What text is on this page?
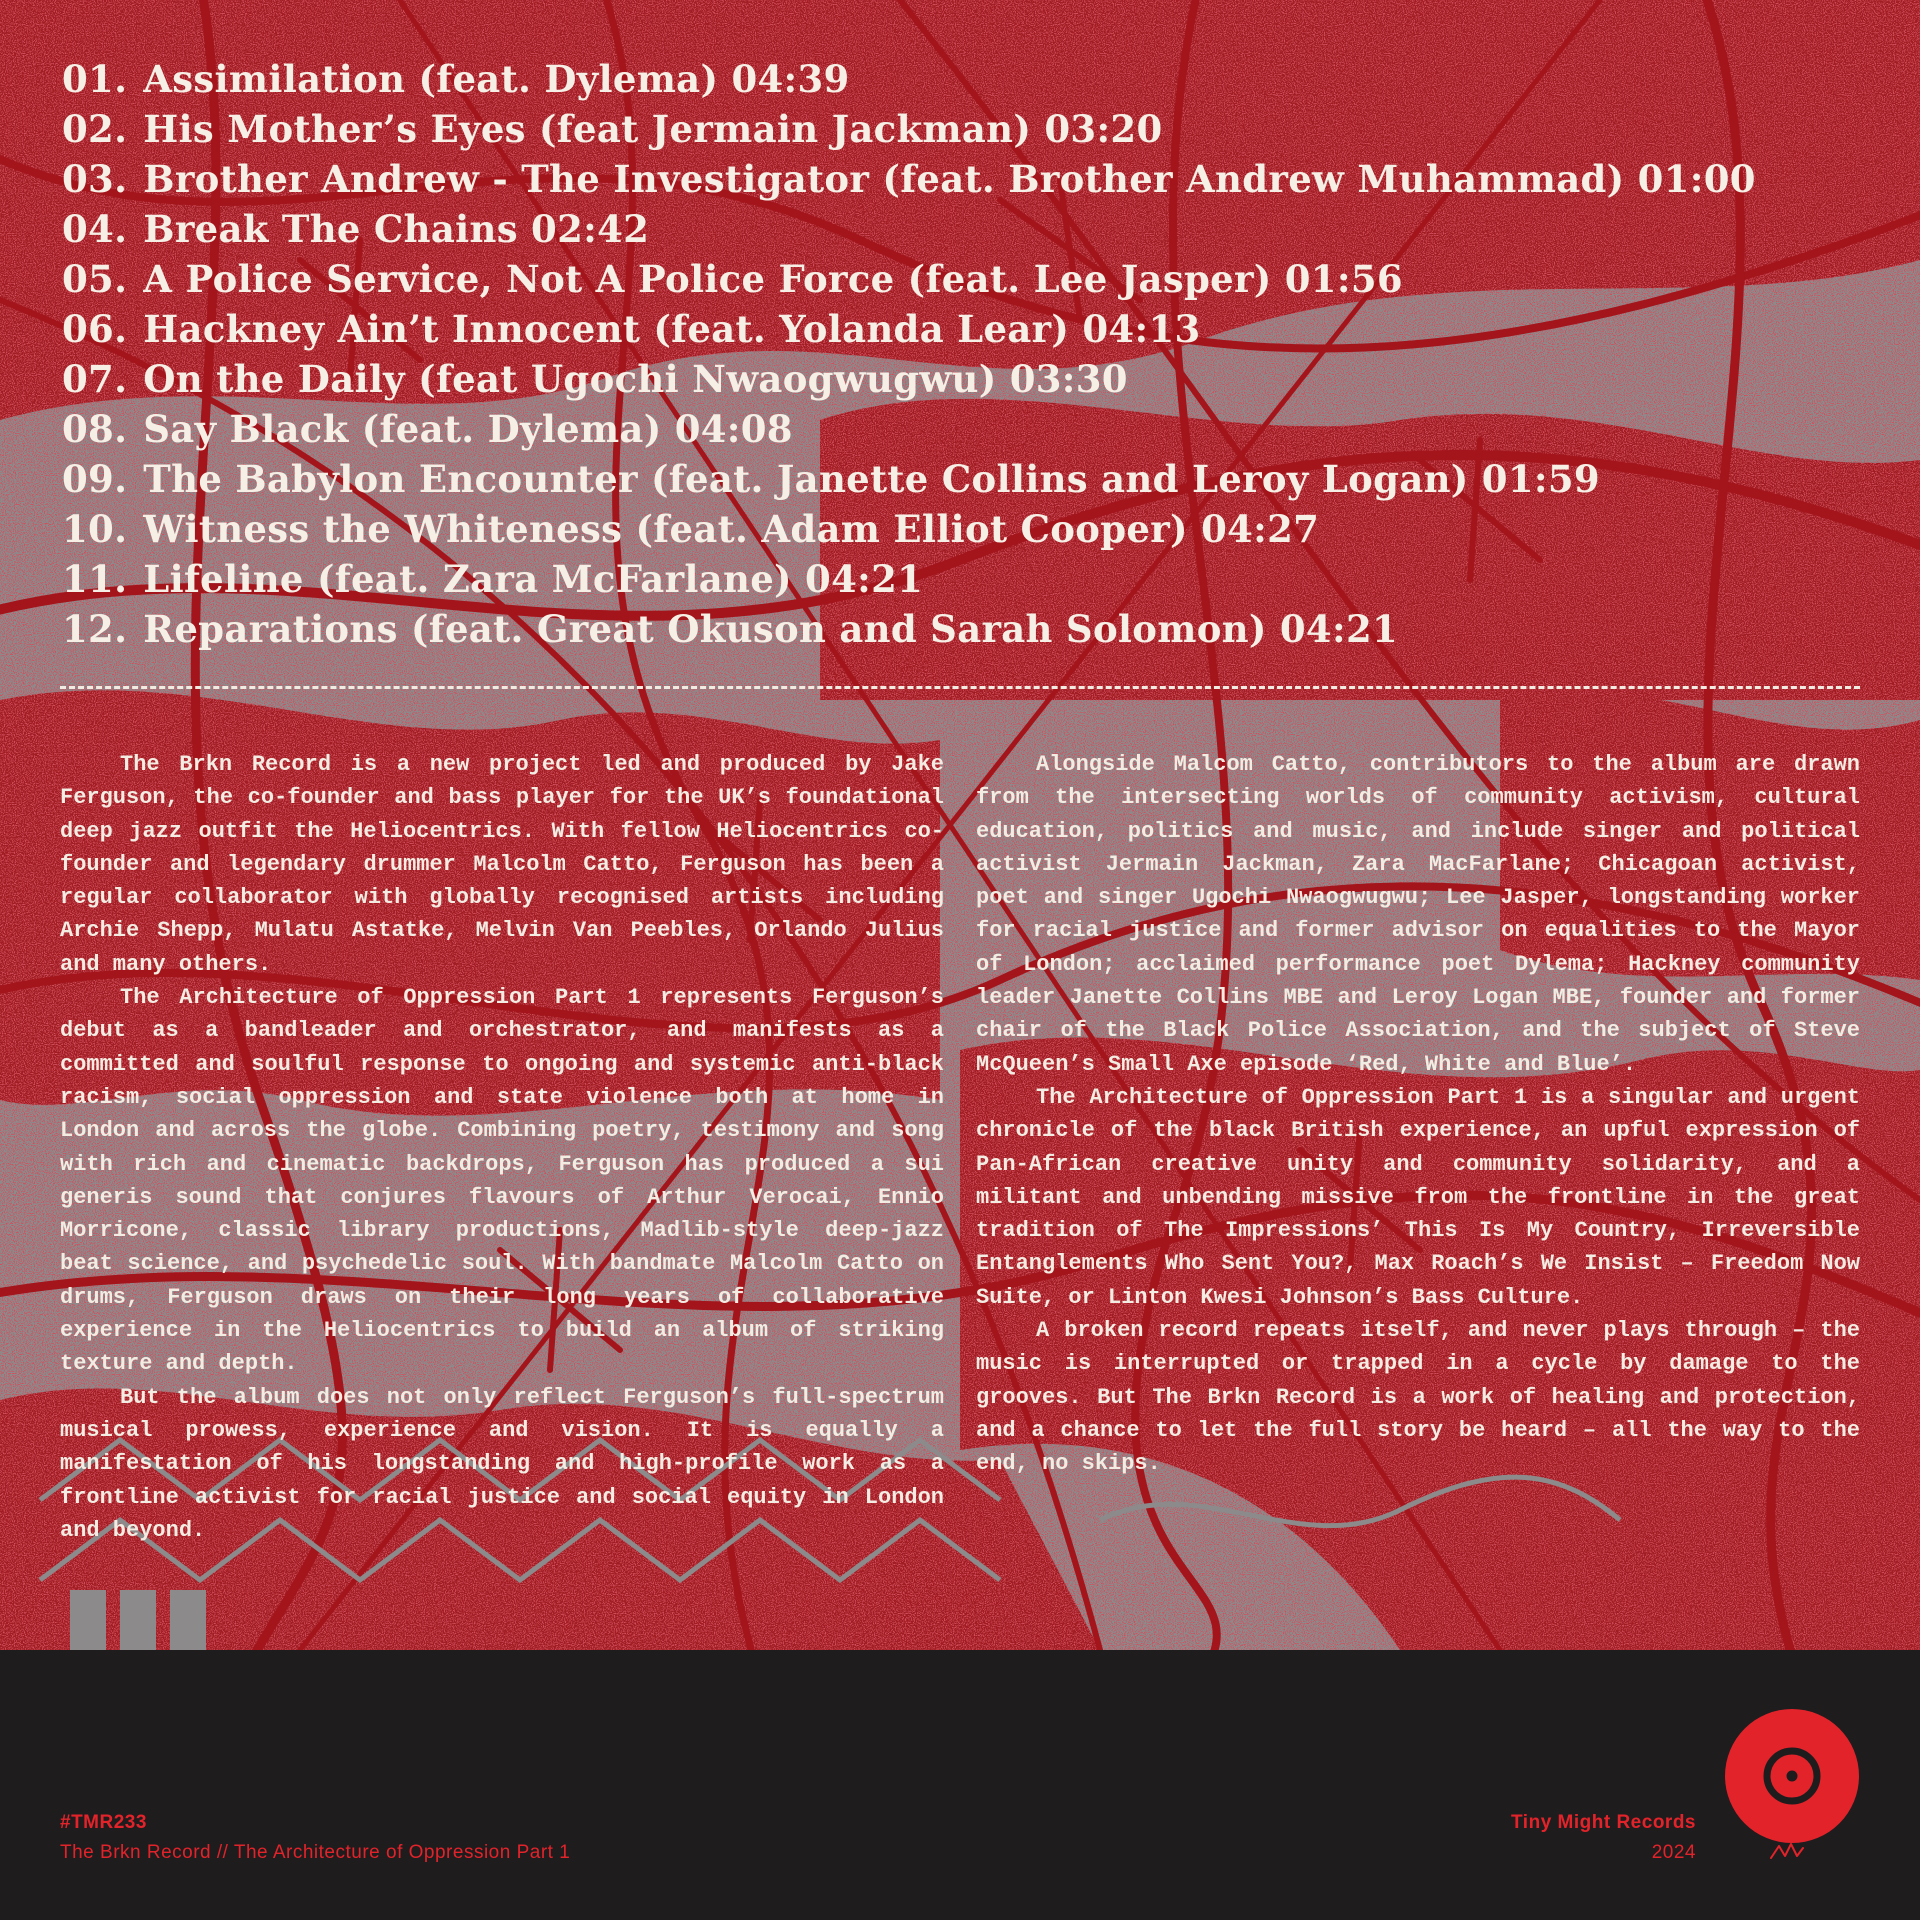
01. Assimilation (feat. Dylema) 04:39
02. His Mother’s Eyes (feat Jermain Jackman) 03:20
03. Brother Andrew - The Investigator (feat. Brother Andrew Muhammad) 01:00
04. Break The Chains 02:42
05. A Police Service, Not A Police Force (feat. Lee Jasper) 01:56
06. Hackney Ain’t Innocent (feat. Yolanda Lear) 04:13
07. On the Daily (feat Ugochi Nwaogwugwu) 03:30
08. Say Black (feat. Dylema) 04:08
09. The Babylon Encounter (feat. Janette Collins and Leroy Logan) 01:59
10. Witness the Whiteness (feat. Adam Elliot Cooper) 04:27
11. Lifeline (feat. Zara McFarlane) 04:21
12. Reparations (feat. Great Okuson and Sarah Solomon) 04:21

The Brkn Record is a new project led and produced by Jake Ferguson, the co-founder and bass player for the UK’s foundational deep jazz outfit the Heliocentrics. With fellow Heliocentrics co-founder and legendary drummer Malcolm Catto, Ferguson has been a regular collaborator with globally recognised artists including Archie Shepp, Mulatu Astatke, Melvin Van Peebles, Orlando Julius and many others.

The Architecture of Oppression Part 1 represents Ferguson’s debut as a bandleader and orchestrator, and manifests as a committed and soulful response to ongoing and systemic anti-black racism, social oppression and state violence both at home in London and across the globe. Combining poetry, testimony and song with rich and cinematic backdrops, Ferguson has produced a sui generis sound that conjures flavours of Arthur Verocai, Ennio Morricone, classic library productions, Madlib-style deep-jazz beat science, and psychedelic soul. With bandmate Malcolm Catto on drums, Ferguson draws on their long years of collaborative experience in the Heliocentrics to build an album of striking texture and depth.

But the album does not only reflect Ferguson’s full-spectrum musical prowess, experience and vision. It is equally a manifestation of his longstanding and high-profile work as a frontline activist for racial justice and social equity in London and beyond.

Alongside Malcom Catto, contributors to the album are drawn from the intersecting worlds of community activism, cultural education, politics and music, and include singer and political activist Jermain Jackman, Zara MacFarlane; Chicagoan activist, poet and singer Ugochi Nwaogwugwu; Lee Jasper, longstanding worker for racial justice and former advisor on equalities to the Mayor of London; acclaimed performance poet Dylema; Hackney community leader Janette Collins MBE and Leroy Logan MBE, founder and former chair of the Black Police Association, and the subject of Steve McQueen’s Small Axe episode ‘Red, White and Blue’.

The Architecture of Oppression Part 1 is a singular and urgent chronicle of the black British experience, an upful expression of Pan-African creative unity and community solidarity, and a militant and unbending missive from the frontline in the great tradition of The Impressions’ This Is My Country, Irreversible Entanglements Who Sent You?, Max Roach’s We Insist – Freedom Now Suite, or Linton Kwesi Johnson’s Bass Culture.

A broken record repeats itself, and never plays through – the music is interrupted or trapped in a cycle by damage to the grooves. But The Brkn Record is a work of healing and protection, and a chance to let the full story be heard – all the way to the end, no skips.

#TMR233
The Brkn Record // The Architecture of Oppression Part 1
Tiny Might Records
2024
